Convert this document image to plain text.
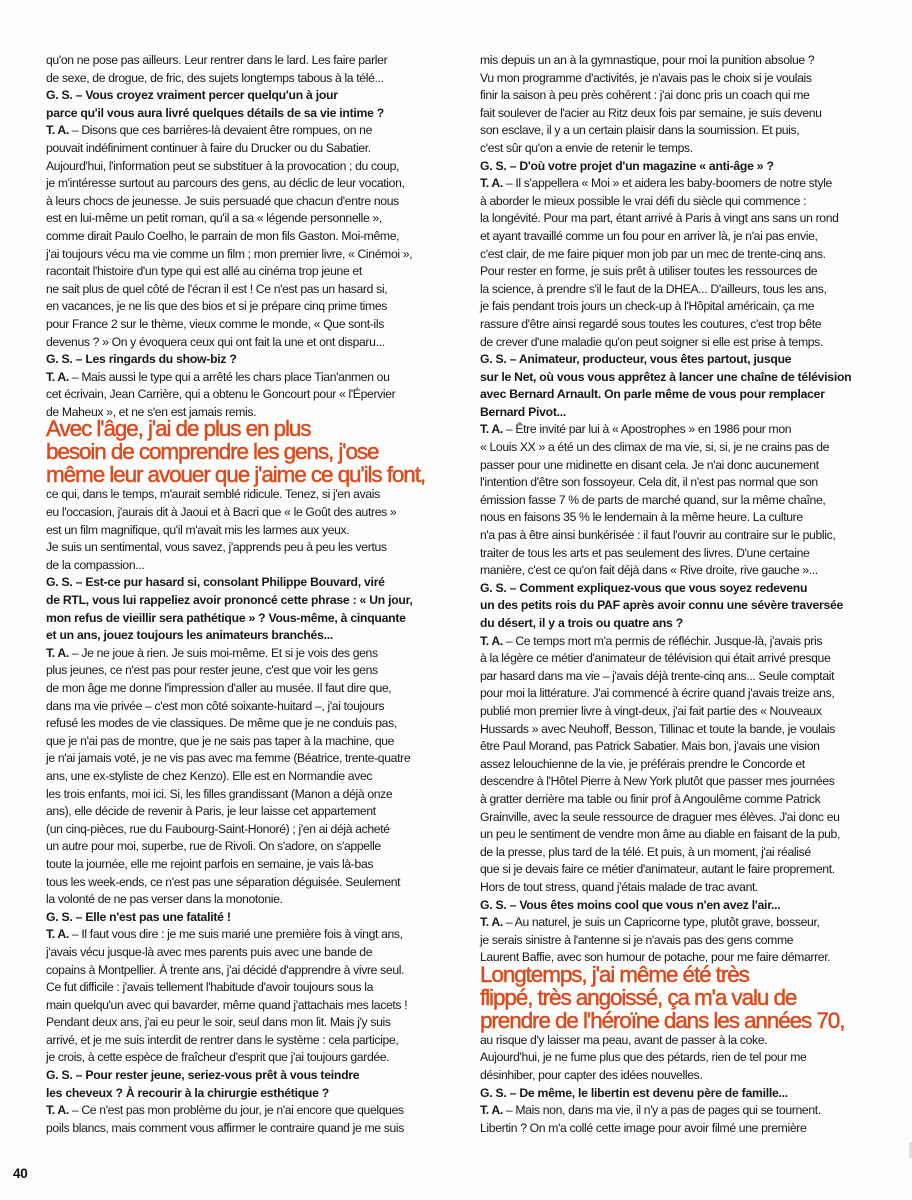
qu'on ne pose pas ailleurs. Leur rentrer dans le lard. Les faire parler
de sexe, de drogue, de fric, des sujets longtemps tabous à la télé...
G. S. – Vous croyez vraiment percer quelqu'un à jour
parce qu'il vous aura livré quelques détails de sa vie intime ?
T. A. – Disons que ces barrières-là devaient être rompues, on ne
pouvait indéfiniment continuer à faire du Drucker ou du Sabatier.
Aujourd'hui, l'information peut se substituer à la provocation ; du coup,
je m'intéresse surtout au parcours des gens, au déclic de leur vocation,
à leurs chocs de jeunesse. Je suis persuadé que chacun d'entre nous
est en lui-même un petit roman, qu'il a sa « légende personnelle »,
comme dirait Paulo Coelho, le parrain de mon fils Gaston. Moi-même,
j'ai toujours vécu ma vie comme un film ; mon premier livre, « Cinémoi »,
racontait l'histoire d'un type qui est allé au cinéma trop jeune et
ne sait plus de quel côté de l'écran il est ! Ce n'est pas un hasard si,
en vacances, je ne lis que des bios et si je prépare cinq prime times
pour France 2 sur le thème, vieux comme le monde, « Que sont-ils
devenus ? » On y évoquera ceux qui ont fait la une et ont disparu...
G. S. – Les ringards du show-biz ?
T. A. – Mais aussi le type qui a arrêté les chars place Tian'anmen ou
cet écrivain, Jean Carrière, qui a obtenu le Goncourt pour « l'Épervier
de Maheux », et ne s'en est jamais remis.
Avec l'âge, j'ai de plus en plus
besoin de comprendre les gens, j'ose
même leur avouer que j'aime ce qu'ils font,
ce qui, dans le temps, m'aurait semblé ridicule. Tenez, si j'en avais
eu l'occasion, j'aurais dit à Jaoui et à Bacri que « le Goût des autres »
est un film magnifique, qu'il m'avait mis les larmes aux yeux.
Je suis un sentimental, vous savez, j'apprends peu à peu les vertus
de la compassion...
G. S. – Est-ce pur hasard si, consolant Philippe Bouvard, viré
de RTL, vous lui rappeliez avoir prononcé cette phrase : « Un jour,
mon refus de vieillir sera pathétique » ? Vous-même, à cinquante
et un ans, jouez toujours les animateurs branchés...
T. A. – Je ne joue à rien. Je suis moi-même. Et si je vois des gens
plus jeunes, ce n'est pas pour rester jeune, c'est que voir les gens
de mon âge me donne l'impression d'aller au musée. Il faut dire que,
dans ma vie privée – c'est mon côté soixante-huitard –, j'ai toujours
refusé les modes de vie classiques. De même que je ne conduis pas,
que je n'ai pas de montre, que je ne sais pas taper à la machine, que
je n'ai jamais voté, je ne vis pas avec ma femme (Béatrice, trente-quatre
ans, une ex-styliste de chez Kenzo). Elle est en Normandie avec
les trois enfants, moi ici. Si, les filles grandissant (Manon a déjà onze
ans), elle décide de revenir à Paris, je leur laisse cet appartement
(un cinq-pièces, rue du Faubourg-Saint-Honoré) ; j'en ai déjà acheté
un autre pour moi, superbe, rue de Rivoli. On s'adore, on s'appelle
toute la journée, elle me rejoint parfois en semaine, je vais là-bas
tous les week-ends, ce n'est pas une séparation déguisée. Seulement
la volonté de ne pas verser dans la monotonie.
G. S. – Elle n'est pas une fatalité !
T. A. – Il faut vous dire : je me suis marié une première fois à vingt ans,
j'avais vécu jusque-là avec mes parents puis avec une bande de
copains à Montpellier. À trente ans, j'ai décidé d'apprendre à vivre seul.
Ce fut difficile : j'avais tellement l'habitude d'avoir toujours sous la
main quelqu'un avec qui bavarder, même quand j'attachais mes lacets !
Pendant deux ans, j'ai eu peur le soir, seul dans mon lit. Mais j'y suis
arrivé, et je me suis interdit de rentrer dans le système : cela participe,
je crois, à cette espèce de fraîcheur d'esprit que j'ai toujours gardée.
G. S. – Pour rester jeune, seriez-vous prêt à vous teindre
les cheveux ? À recourir à la chirurgie esthétique ?
T. A. – Ce n'est pas mon problème du jour, je n'ai encore que quelques
poils blancs, mais comment vous affirmer le contraire quand je me suis
mis depuis un an à la gymnastique, pour moi la punition absolue ?
Vu mon programme d'activités, je n'avais pas le choix si je voulais
finir la saison à peu près cohérent : j'ai donc pris un coach qui me
fait soulever de l'acier au Ritz deux fois par semaine, je suis devenu
son esclave, il y a un certain plaisir dans la soumission. Et puis,
c'est sûr qu'on a envie de retenir le temps.
G. S. – D'où votre projet d'un magazine « anti-âge » ?
T. A. – Il s'appellera « Moi » et aidera les baby-boomers de notre style
à aborder le mieux possible le vrai défi du siècle qui commence :
la longévité. Pour ma part, étant arrivé à Paris à vingt ans sans un rond
et ayant travaillé comme un fou pour en arriver là, je n'ai pas envie,
c'est clair, de me faire piquer mon job par un mec de trente-cinq ans.
Pour rester en forme, je suis prêt à utiliser toutes les ressources de
la science, à prendre s'il le faut de la DHEA... D'ailleurs, tous les ans,
je fais pendant trois jours un check-up à l'Hôpital américain, ça me
rassure d'être ainsi regardé sous toutes les coutures, c'est trop bête
de crever d'une maladie qu'on peut soigner si elle est prise à temps.
G. S. – Animateur, producteur, vous êtes partout, jusque
sur le Net, où vous vous apprêtez à lancer une chaîne de télévision
avec Bernard Arnault. On parle même de vous pour remplacer
Bernard Pivot...
T. A. – Être invité par lui à « Apostrophes » en 1986 pour mon
« Louis XX » a été un des climax de ma vie, si, si, je ne crains pas de
passer pour une midinette en disant cela. Je n'ai donc aucunement
l'intention d'être son fossoyeur. Cela dit, il n'est pas normal que son
émission fasse 7 % de parts de marché quand, sur la même chaîne,
nous en faisons 35 % le lendemain à la même heure. La culture
n'a pas à être ainsi bunkérisée : il faut l'ouvrir au contraire sur le public,
traiter de tous les arts et pas seulement des livres. D'une certaine
manière, c'est ce qu'on fait déjà dans « Rive droite, rive gauche »...
G. S. – Comment expliquez-vous que vous soyez redevenu
un des petits rois du PAF après avoir connu une sévère traversée
du désert, il y a trois ou quatre ans ?
T. A. – Ce temps mort m'a permis de réfléchir. Jusque-là, j'avais pris
à la légère ce métier d'animateur de télévision qui était arrivé presque
par hasard dans ma vie – j'avais déjà trente-cinq ans... Seule comptait
pour moi la littérature. J'ai commencé à écrire quand j'avais treize ans,
publié mon premier livre à vingt-deux, j'ai fait partie des « Nouveaux
Hussards » avec Neuhoff, Besson, Tillinac et toute la bande, je voulais
être Paul Morand, pas Patrick Sabatier. Mais bon, j'avais une vision
assez lelouchienne de la vie, je préférais prendre le Concorde et
descendre à l'Hôtel Pierre à New York plutôt que passer mes journées
à gratter derrière ma table ou finir prof à Angoulême comme Patrick
Grainville, avec la seule ressource de draguer mes élèves. J'ai donc eu
un peu le sentiment de vendre mon âme au diable en faisant de la pub,
de la presse, plus tard de la télé. Et puis, à un moment, j'ai réalisé
que si je devais faire ce métier d'animateur, autant le faire proprement.
Hors de tout stress, quand j'étais malade de trac avant.
G. S. – Vous êtes moins cool que vous n'en avez l'air...
T. A. – Au naturel, je suis un Capricorne type, plutôt grave, bosseur,
je serais sinistre à l'antenne si je n'avais pas des gens comme
Laurent Baffie, avec son humour de potache, pour me faire démarrer.
Longtemps, j'ai même été très
flippé, très angoissé, ça m'a valu de
prendre de l'héroïne dans les années 70,
au risque d'y laisser ma peau, avant de passer à la coke.
Aujourd'hui, je ne fume plus que des pétards, rien de tel pour me
désinhiber, pour capter des idées nouvelles.
G. S. – De même, le libertin est devenu père de famille...
T. A. – Mais non, dans ma vie, il n'y a pas de pages qui se tournent.
Libertin ? On m'a collé cette image pour avoir filmé une première
40
